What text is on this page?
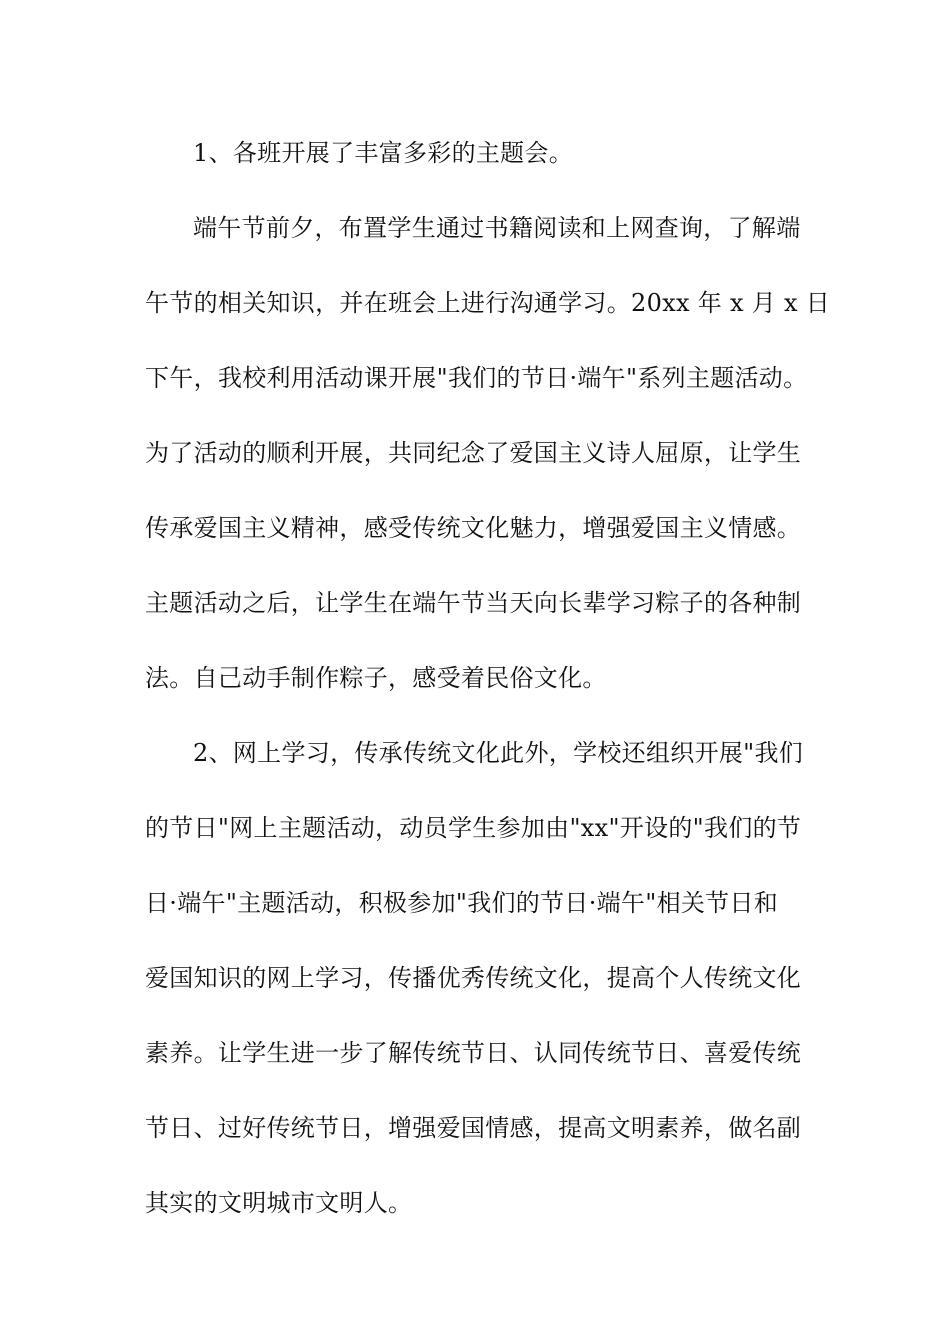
1、各班开展了丰富多彩的主题会。
端午节前夕，布置学生通过书籍阅读和上网查询，了解端
午节的相关知识，并在班会上进行沟通学习。20xx 年 x 月 x 日
下午，我校利用活动课开展"我们的节日·端午"系列主题活动。
为了活动的顺利开展，共同纪念了爱国主义诗人屈原，让学生
传承爱国主义精神，感受传统文化魅力，增强爱国主义情感。
主题活动之后，让学生在端午节当天向长辈学习粽子的各种制
法。自己动手制作粽子，感受着民俗文化。
2、网上学习，传承传统文化此外，学校还组织开展"我们
的节日"网上主题活动，动员学生参加由"xx"开设的"我们的节
日·端午"主题活动，积极参加"我们的节日·端午"相关节日和
爱国知识的网上学习，传播优秀传统文化，提高个人传统文化
素养。让学生进一步了解传统节日、认同传统节日、喜爱传统
节日、过好传统节日，增强爱国情感，提高文明素养，做名副
其实的文明城市文明人。
